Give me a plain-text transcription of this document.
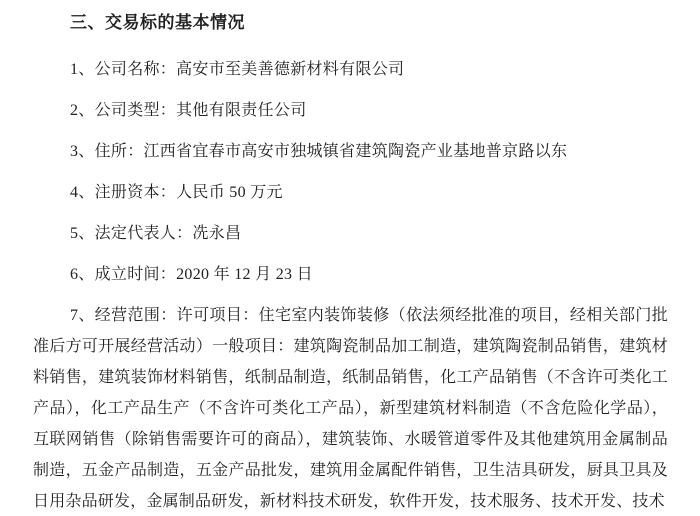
三、交易标的基本情况

1、公司名称：高安市至美善德新材料有限公司

2、公司类型：其他有限责任公司

3、住所：江西省宜春市高安市独城镇省建筑陶瓷产业基地普京路以东

4、注册资本：人民币 50 万元

5、法定代表人：冼永昌

6、成立时间：2020 年 12 月 23 日

7、经营范围：许可项目：住宅室内装饰装修（依法须经批准的项目，经相关部门批准后方可开展经营活动）一般项目：建筑陶瓷制品加工制造，建筑陶瓷制品销售，建筑材料销售，建筑装饰材料销售，纸制品制造，纸制品销售，化工产品销售（不含许可类化工产品），化工产品生产（不含许可类化工产品），新型建筑材料制造（不含危险化学品），互联网销售（除销售需要许可的商品），建筑装饰、水暖管道零件及其他建筑用金属制品制造，五金产品制造，五金产品批发，建筑用金属配件销售，卫生洁具研发，厨具卫具及日用杂品研发，金属制品研发，新材料技术研发，软件开发，技术服务、技术开发、技术
